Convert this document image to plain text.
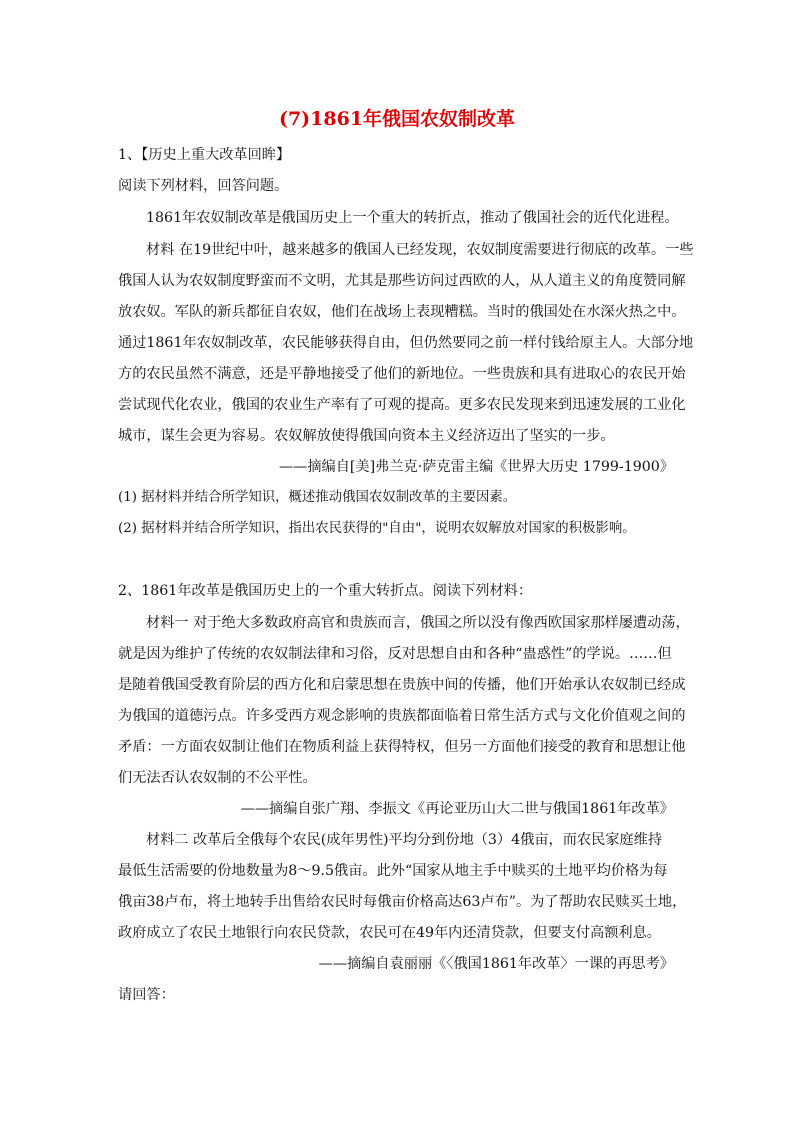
(7)1861年俄国农奴制改革
1、【历史上重大改革回眸】
阅读下列材料，回答问题。
1861年农奴制改革是俄国历史上一个重大的转折点，推动了俄国社会的近代化进程。
材料 在19世纪中叶，越来越多的俄国人已经发现，农奴制度需要进行彻底的改革。一些
俄国人认为农奴制度野蛮而不文明，尤其是那些访问过西欧的人，从人道主义的角度赞同解
放农奴。军队的新兵都征自农奴，他们在战场上表现糟糕。当时的俄国处在水深火热之中。
通过1861年农奴制改革，农民能够获得自由，但仍然要同之前一样付钱给原主人。大部分地
方的农民虽然不满意，还是平静地接受了他们的新地位。一些贵族和具有进取心的农民开始
尝试现代化农业，俄国的农业生产率有了可观的提高。更多农民发现来到迅速发展的工业化
城市，谋生会更为容易。农奴解放使得俄国向资本主义经济迈出了坚实的一步。
——摘编自[美]弗兰克·萨克雷主编《世界大历史 1799-1900》
(1) 据材料并结合所学知识，概述推动俄国农奴制改革的主要因素。
(2) 据材料并结合所学知识，指出农民获得的"自由"，说明农奴解放对国家的积极影响。
2、1861年改革是俄国历史上的一个重大转折点。阅读下列材料：
材料一 对于绝大多数政府高官和贵族而言，俄国之所以没有像西欧国家那样屡遭动荡，
就是因为维护了传统的农奴制法律和习俗，反对思想自由和各种“蛊惑性”的学说。……但
是随着俄国受教育阶层的西方化和启蒙思想在贵族中间的传播，他们开始承认农奴制已经成
为俄国的道德污点。许多受西方观念影响的贵族都面临着日常生活方式与文化价值观之间的
矛盾：一方面农奴制让他们在物质利益上获得特权，但另一方面他们接受的教育和思想让他
们无法否认农奴制的不公平性。
——摘编自张广翔、李振文《再论亚历山大二世与俄国1861年改革》
材料二 改革后全俄每个农民(成年男性)平均分到份地（3）4俄亩，而农民家庭维持
最低生活需要的份地数量为8～9.5俄亩。此外“国家从地主手中赎买的土地平均价格为每
俄亩38卢布，将土地转手出售给农民时每俄亩价格高达63卢布”。为了帮助农民赎买土地，
政府成立了农民土地银行向农民贷款，农民可在49年内还清贷款，但要支付高额利息。
——摘编自袁丽丽《〈俄国1861年改革〉一课的再思考》
请回答：
